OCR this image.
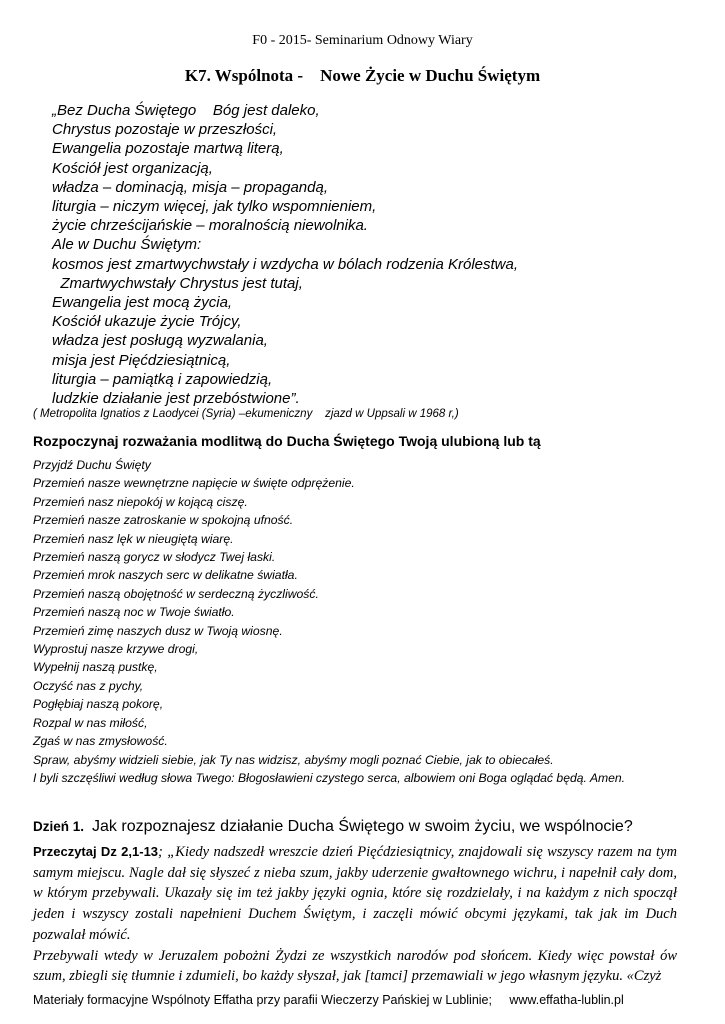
F0 - 2015- Seminarium Odnowy Wiary
K7. Wspólnota -    Nowe Życie w Duchu Świętym
„Bez Ducha Świętego    Bóg jest daleko,
Chrystus pozostaje w przeszłości,
Ewangelia pozostaje martwą literą,
Kościół jest organizacją,
władza – dominacją, misja – propagandą,
liturgia – niczym więcej, jak tylko wspomnieniem,
życie chrześcijańskie – moralnością niewolnika.
Ale w Duchu Świętym:
kosmos jest zmartwychwstały i wzdycha w bólach rodzenia Królestwa,
Zmartwychwstały Chrystus jest tutaj,
Ewangelia jest mocą życia,
Kościół ukazuje życie Trójcy,
władza jest posługą wyzwalania,
misja jest Pięćdziesiątnicą,
liturgia – pamiątką i zapowiedzią,
ludzkie działanie jest przebóstwione”.
( Metropolita Ignatios z Laodycei (Syria) –ekumeniczny    zjazd w Uppsali w 1968 r,)
Rozpoczynaj rozważania modlitwą do Ducha Świętego Twoją ulubioną lub tą
Przyjdź Duchu Święty
Przemień nasze wewnętrzne napięcie w święte odprężenie.
Przemień nasz niepokój w kojącą ciszę.
Przemień nasze zatroskanie w spokojną ufność.
Przemień nasz lęk w nieugiętą wiarę.
Przemień naszą gorycz w słodycz Twej łaski.
Przemień mrok naszych serc w delikatne światła.
Przemień naszą obojętność w serdeczną życzliwość.
Przemień naszą noc w Twoje światło.
Przemień zimę naszych dusz w Twoją wiosnę.
Wyprostuj nasze krzywe drogi,
Wypełnij naszą pustkę,
Oczyść nas z pychy,
Pogłębiaj naszą pokorę,
Rozpal w nas miłość,
Zgaś w nas zmysłowość.
Spraw, abyśmy widzieli siebie, jak Ty nas widzisz, abyśmy mogli poznać Ciebie, jak to obiecałeś.
I byli szczęśliwi według słowa Twego: Błogosławieni czystego serca, albowiem oni Boga oglądać będą. Amen.
Dzień 1. Jak rozpoznajesz działanie Ducha Świętego w swoim życiu, we wspólnocie?
Przeczytaj Dz 2,1-13; „Kiedy nadszedł wreszcie dzień Pięćdziesiątnicy, znajdowali się wszyscy razem na tym samym miejscu. Nagle dał się słyszeć z nieba szum, jakby uderzenie gwałtownego wichru, i napełnił cały dom, w którym przebywali. Ukazały się im też jakby języki ognia, które się rozdzielały, i na każdym z nich spoczął jeden i wszyscy zostali napełnieni Duchem Świętym, i zaczęli mówić obcymi językami, tak jak im Duch pozwalał mówić.
Przebywali wtedy w Jeruzalem pobożni Żydzi ze wszystkich narodów pod słońcem. Kiedy więc powstał ów szum, zbiegli się tłumnie i zdumieli, bo każdy słyszał, jak [tamci] przemawiali w jego własnym języku. «Czyż
Materiały formacyjne Wspólnoty Effatha przy parafii Wieczerzy Pańskiej w Lublinie;     www.effatha-lublin.pl
